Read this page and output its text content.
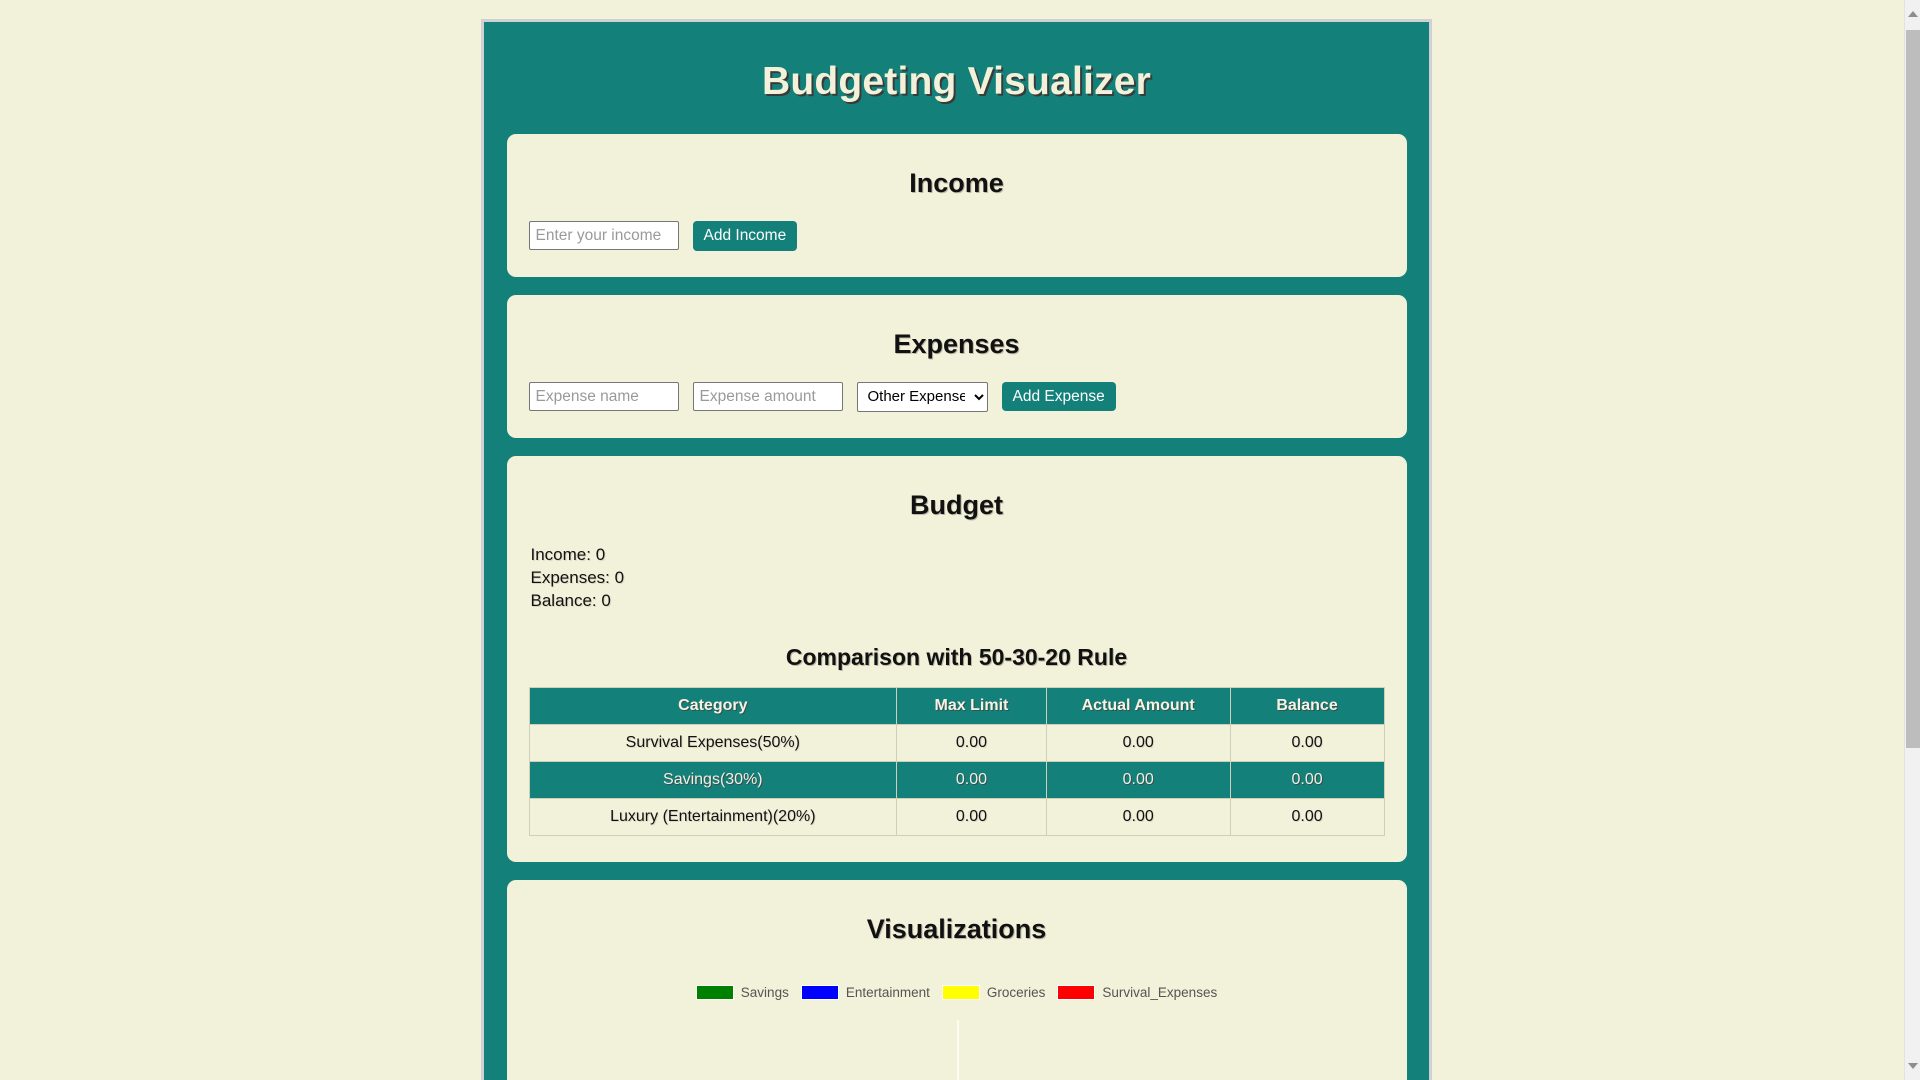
Budgeting Visualizer
Income
Enter your income
Add Income
Expenses
Expense name
Expense amount
Other Expenses
Add Expense
Budget
Income: 0
Expenses: 0
Balance: 0
Comparison with 50-30-20 Rule
Category	Max Limit	Actual Amount	Balance
Survival Expenses(50%)	0.00	0.00	0.00
Savings(30%)	0.00	0.00	0.00
Luxury (Entertainment)(20%)	0.00	0.00	0.00
Visualizations
Savings	Entertainment	Groceries	Survival_Expenses
